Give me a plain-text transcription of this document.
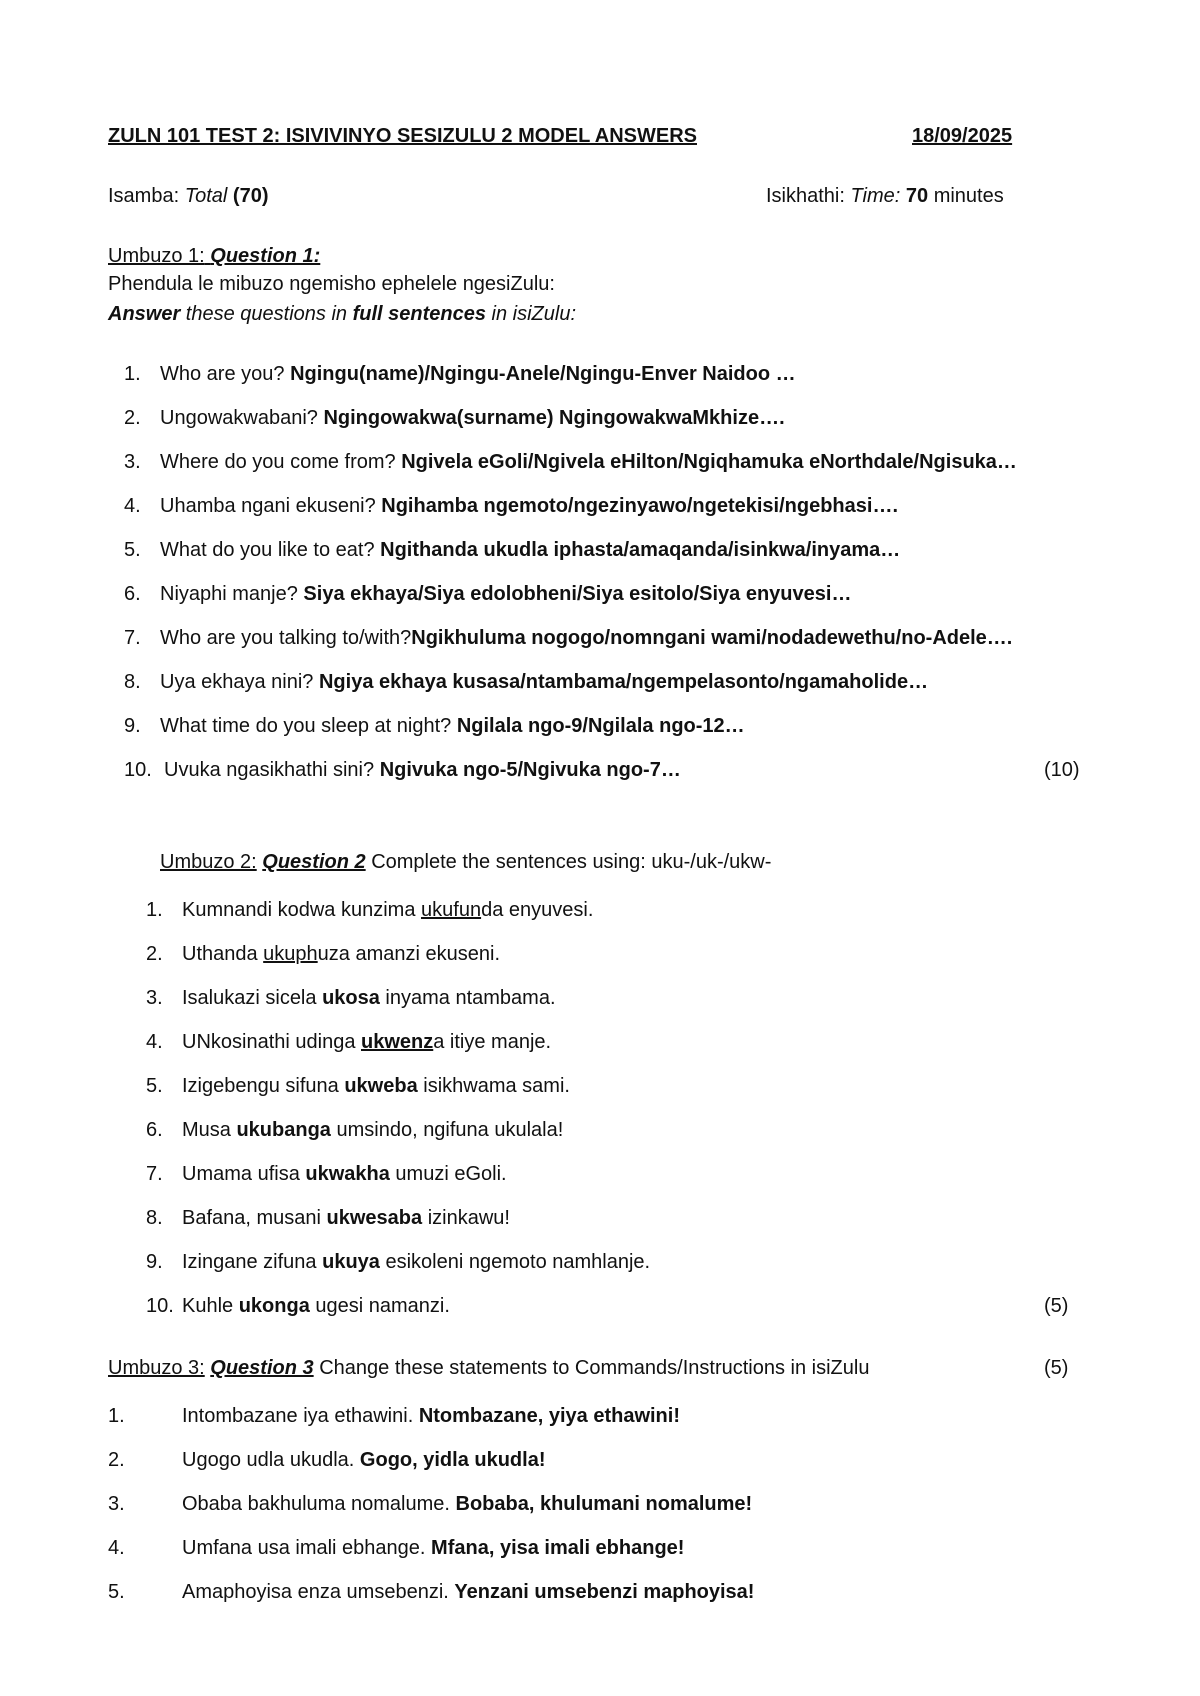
ZULN 101 TEST 2: ISIVIVINYO SESIZULU 2 MODEL ANSWERS	18/09/2025
Isamba: Total (70)	Isikhathi: Time: 70 minutes
Umbuzo 1: Question 1:
Phendula le mibuzo ngemisho ephelele ngesiZulu:
Answer these questions in full sentences in isiZulu:
1. Who are you? Ngingu(name)/Ngingu-Anele/Ngingu-Enver Naidoo …
2. Ungowakwabani? Ngingowakwa(surname) NgingowakwaMkhize….
3. Where do you come from? Ngivela eGoli/Ngivela eHilton/Ngiqhamuka eNorthdale/Ngisuka…
4. Uhamba ngani ekuseni? Ngihamba ngemoto/ngezinyawo/ngetekisi/ngebhasi….
5. What do you like to eat? Ngithanda ukudla iphasta/amaqanda/isinkwa/inyama…
6. Niyaphi manje? Siya ekhaya/Siya edolobheni/Siya esitolo/Siya enyuvesi…
7. Who are you talking to/with?Ngikhuluma nogogo/nomngani wami/nodadewethu/no-Adele….
8. Uya ekhaya nini? Ngiya ekhaya kusasa/ntambama/ngempelasonto/ngamaholide…
9. What time do you sleep at night? Ngilala ngo-9/Ngilala ngo-12…
10. Uvuka ngasikhathi sini? Ngivuka ngo-5/Ngivuka ngo-7…	(10)
Umbuzo 2: Question 2 Complete the sentences using: uku-/uk-/ukw-
1. Kumnandi kodwa kunzima ukufunda enyuvesi.
2. Uthanda ukuphuza amanzi ekuseni.
3. Isalukazi sicela ukosa inyama ntambama.
4. UNkosinathi udinga ukwenza itiye manje.
5. Izigebengu sifuna ukweba isikhwama sami.
6. Musa ukubanga umsindo, ngifuna ukulala!
7. Umama ufisa ukwakha umuzi eGoli.
8. Bafana, musani ukwesaba izinkawu!
9. Izingane zifuna ukuya esikoleni ngemoto namhlanje.
10. Kuhle ukonga ugesi namanzi.	(5)
Umbuzo 3: Question 3 Change these statements to Commands/Instructions in isiZulu	(5)
1.	Intombazane iya ethawini. Ntombazane, yiya ethawini!
2.	Ugogo udla ukudla. Gogo, yidla ukudla!
3.	Obaba bakhuluma nomalume. Bobaba, khulumani nomalume!
4.	Umfana usa imali ebhange. Mfana, yisa imali ebhange!
5.	Amaphoyisa enza umsebenzi. Yenzani umsebenzi maphoyisa!
